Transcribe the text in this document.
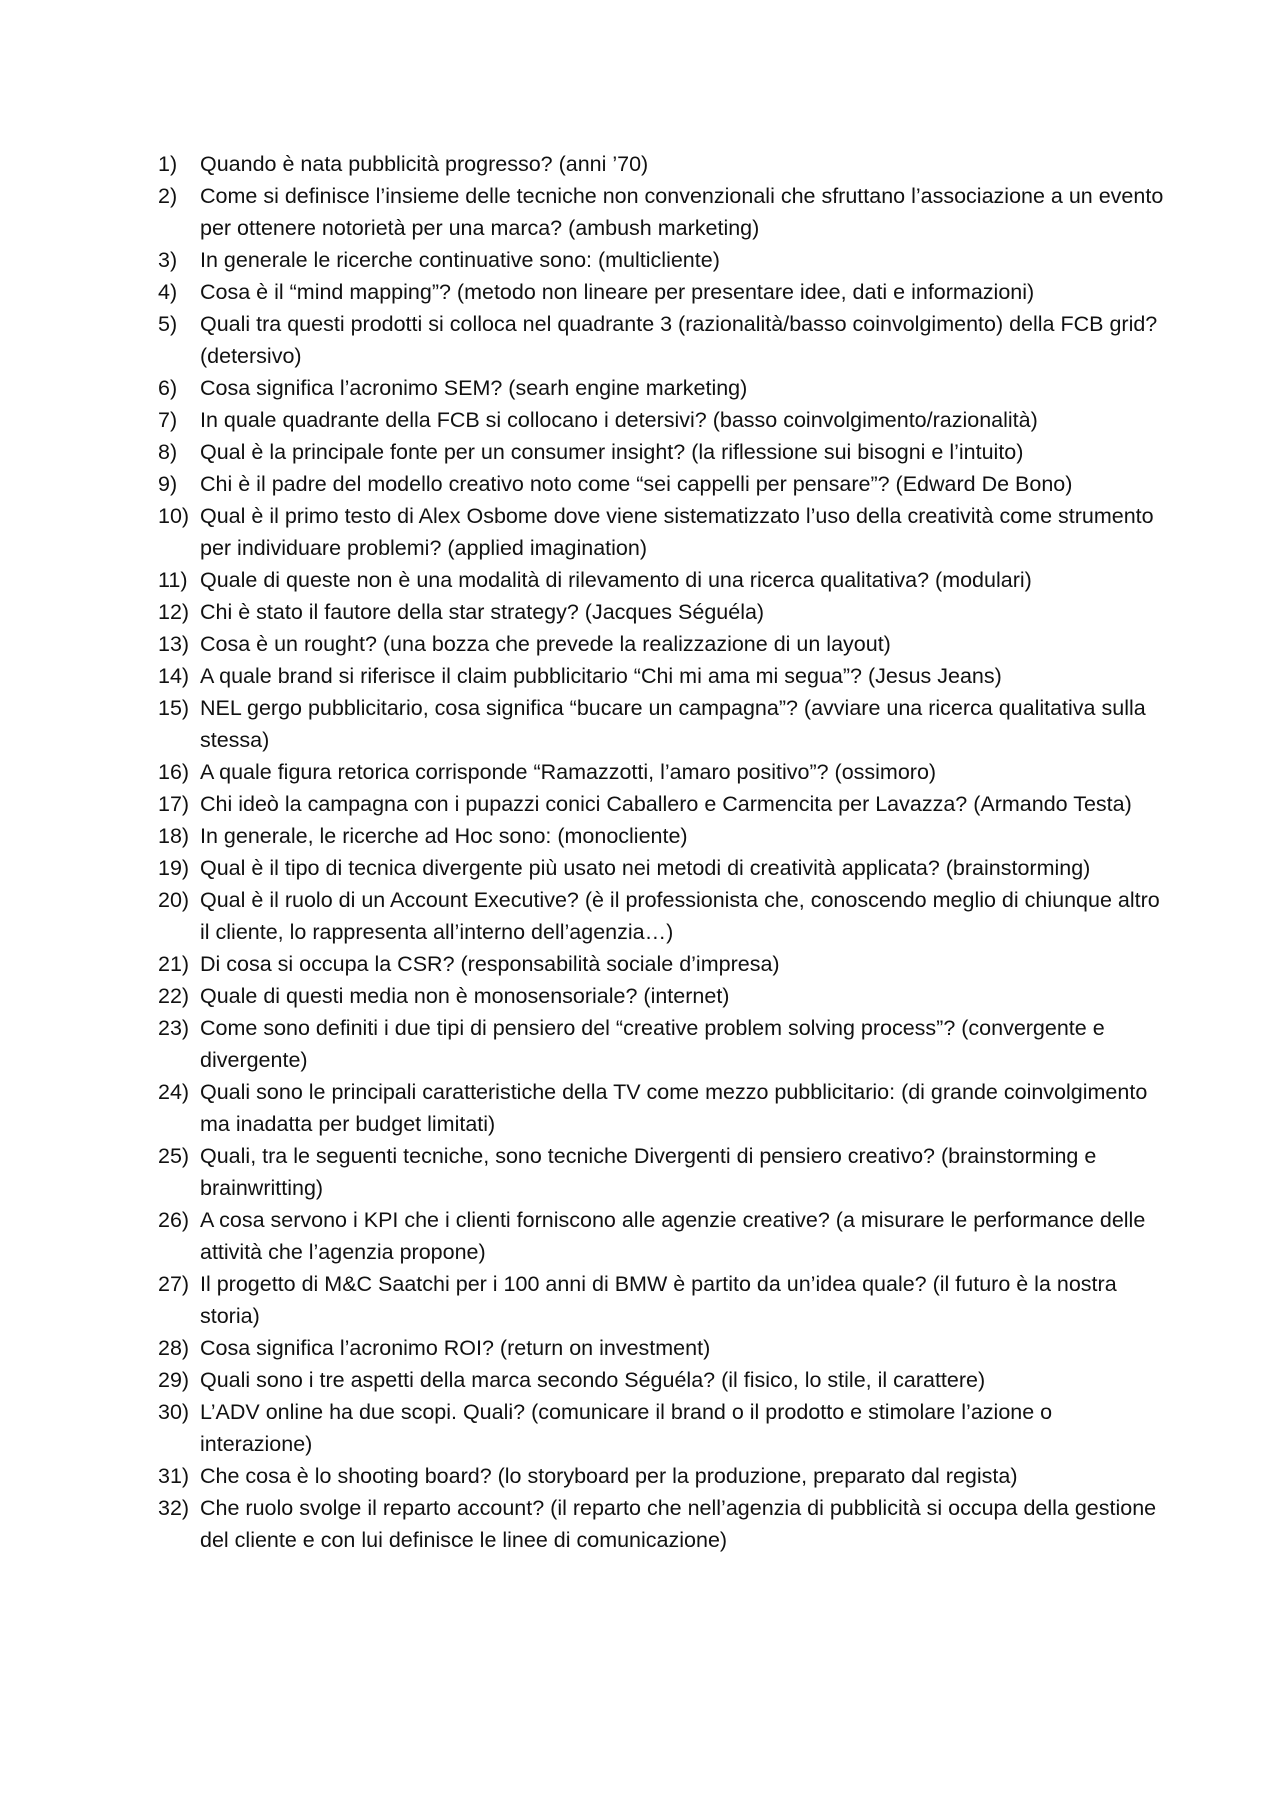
1)	Quando è nata pubblicità progresso? (anni ’70)
2)	Come si definisce l’insieme delle tecniche non convenzionali che sfruttano l’associazione a un evento per ottenere notorietà per una marca? (ambush marketing)
3)	In generale le ricerche continuative sono: (multicliente)
4)	Cosa è il “mind mapping”? (metodo non lineare per presentare idee, dati e informazioni)
5)	Quali tra questi prodotti si colloca nel quadrante 3 (razionalità/basso coinvolgimento) della FCB grid? (detersivo)
6)	Cosa significa l’acronimo SEM? (searh engine marketing)
7)	In quale quadrante della FCB si collocano i detersivi? (basso coinvolgimento/razionalità)
8)	Qual è la principale fonte per un consumer insight? (la riflessione sui bisogni e l’intuito)
9)	Chi è il padre del modello creativo noto come “sei cappelli per pensare”? (Edward De Bono)
10) Qual è il primo testo di Alex Osbome dove viene sistematizzato l’uso della creatività come strumento per individuare problemi? (applied imagination)
11) Quale di queste non è una modalità di rilevamento di una ricerca qualitativa? (modulari)
12) Chi è stato il fautore della star strategy? (Jacques Séguéla)
13) Cosa è un rought? (una bozza che prevede la realizzazione di un layout)
14) A quale brand si riferisce il claim pubblicitario “Chi mi ama mi segua”? (Jesus Jeans)
15) NEL gergo pubblicitario, cosa significa “bucare un campagna”? (avviare una ricerca qualitativa sulla stessa)
16) A quale figura retorica corrisponde “Ramazzotti, l’amaro positivo”? (ossimoro)
17) Chi ideò la campagna con i pupazzi conici Caballero e Carmencita per Lavazza? (Armando Testa)
18) In generale, le ricerche ad Hoc sono: (monocliente)
19) Qual è il tipo di tecnica divergente più usato nei metodi di creatività applicata? (brainstorming)
20) Qual è il ruolo di un Account Executive? (è il professionista che, conoscendo meglio di chiunque altro il cliente, lo rappresenta all’interno dell’agenzia…)
21) Di cosa si occupa la CSR? (responsabilità sociale d’impresa)
22) Quale di questi media non è monosensoriale? (internet)
23) Come sono definiti i due tipi di pensiero del “creative problem solving process”? (convergente e divergente)
24) Quali sono le principali caratteristiche della TV come mezzo pubblicitario: (di grande coinvolgimento ma inadatta per budget limitati)
25) Quali, tra le seguenti tecniche, sono tecniche Divergenti di pensiero creativo? (brainstorming e brainwritting)
26) A cosa servono i KPI che i clienti forniscono alle agenzie creative? (a misurare le performance delle attività che l’agenzia propone)
27) Il progetto di M&C Saatchi per i 100 anni di BMW è partito da un’idea quale? (il futuro è la nostra storia)
28) Cosa significa l’acronimo ROI? (return on investment)
29) Quali sono i tre aspetti della marca secondo Séguéla? (il fisico, lo stile, il carattere)
30) L’ADV online ha due scopi. Quali? (comunicare il brand o il prodotto e stimolare l’azione o interazione)
31) Che cosa è lo shooting board? (lo storyboard per la produzione, preparato dal regista)
32) Che ruolo svolge il reparto account? (il reparto che nell’agenzia di pubblicità si occupa della gestione del cliente e con lui definisce le linee di comunicazione)
